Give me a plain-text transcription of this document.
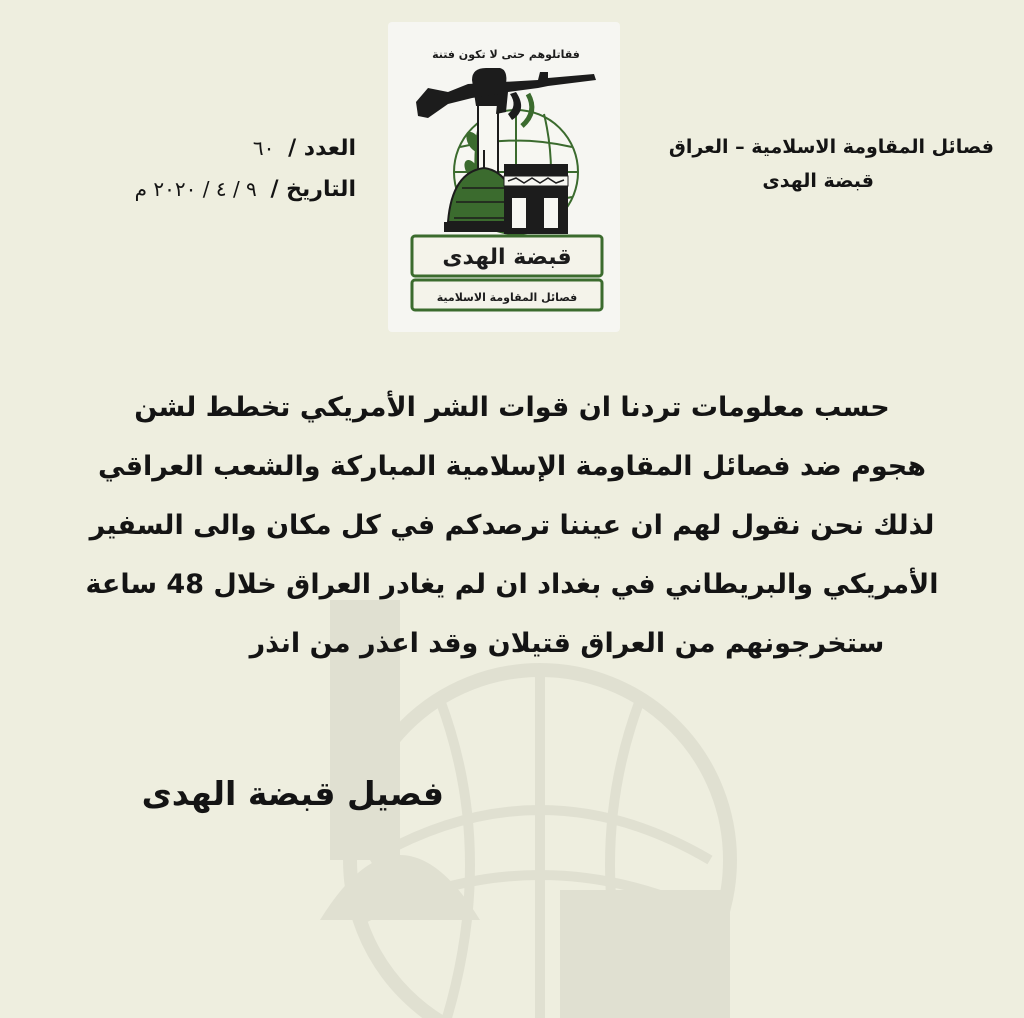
فصائل المقاومة الاسلامية – العراق

قبضة الهدى

فقاتلوهم حتى لا تكون فتنة
قبضة الهدى
فصائل المقاومة الاسلامية

العدد / ٦٠

التاريخ / ٩ / ٤ / ٢٠٢٠ م

حسب معلومات تردنا ان قوات الشر الأمريكي تخطط لشن

هجوم ضد فصائل المقاومة الإسلامية المباركة والشعب العراقي

لذلك نحن نقول لهم ان عيننا ترصدكم في كل مكان والى السفير

الأمريكي والبريطاني في بغداد ان لم يغادر العراق خلال 48 ساعة

ستخرجونهم من العراق قتيلان وقد اعذر من انذر

فصيل قبضة الهدى
